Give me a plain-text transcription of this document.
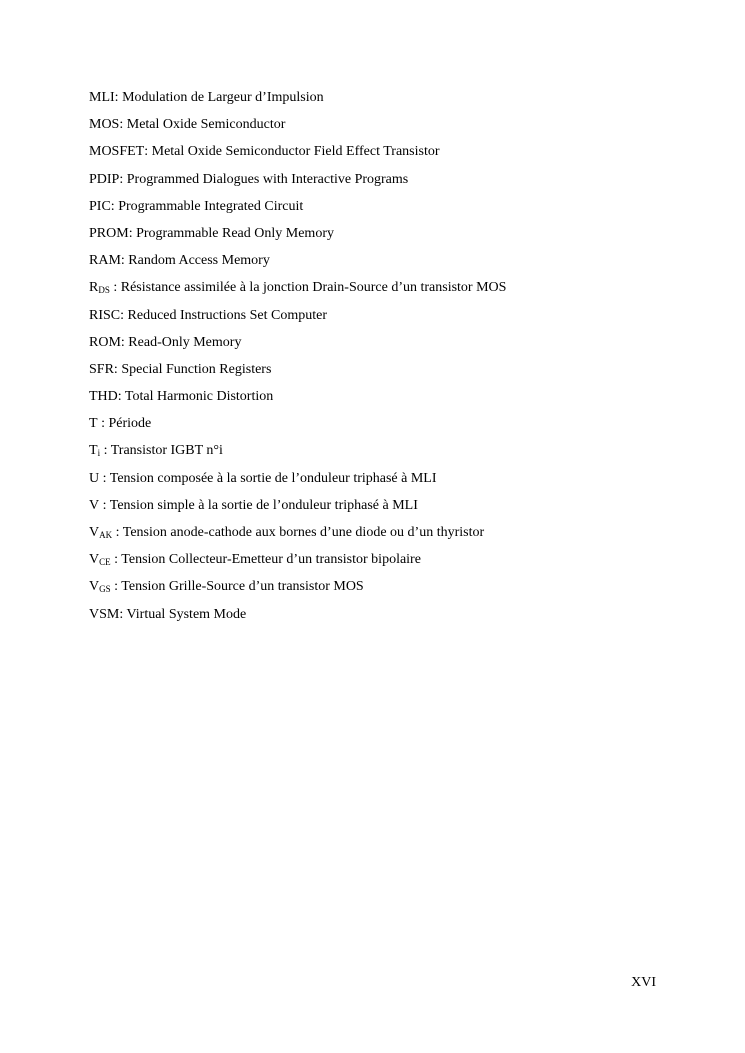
MLI: Modulation de Largeur d’Impulsion
MOS: Metal Oxide Semiconductor
MOSFET: Metal Oxide Semiconductor Field Effect Transistor
PDIP: Programmed Dialogues with Interactive Programs
PIC: Programmable Integrated Circuit
PROM: Programmable Read Only Memory
RAM: Random Access Memory
$R_{DS}$ : Résistance assimilée à la jonction Drain-Source d’un transistor MOS
RISC: Reduced Instructions Set Computer
ROM: Read-Only Memory
SFR: Special Function Registers
THD: Total Harmonic Distortion
T : Période
$T_i$ : Transistor IGBT n°i
U : Tension composée à la sortie de l’onduleur triphasé à MLI
V : Tension simple à la sortie de l’onduleur triphasé à MLI
$V_{AK}$ : Tension anode-cathode aux bornes d’une diode ou d’un thyristor
$V_{CE}$ : Tension Collecteur-Emetteur d’un transistor bipolaire
$V_{GS}$ : Tension Grille-Source d’un transistor MOS
VSM: Virtual System Mode
XVI
